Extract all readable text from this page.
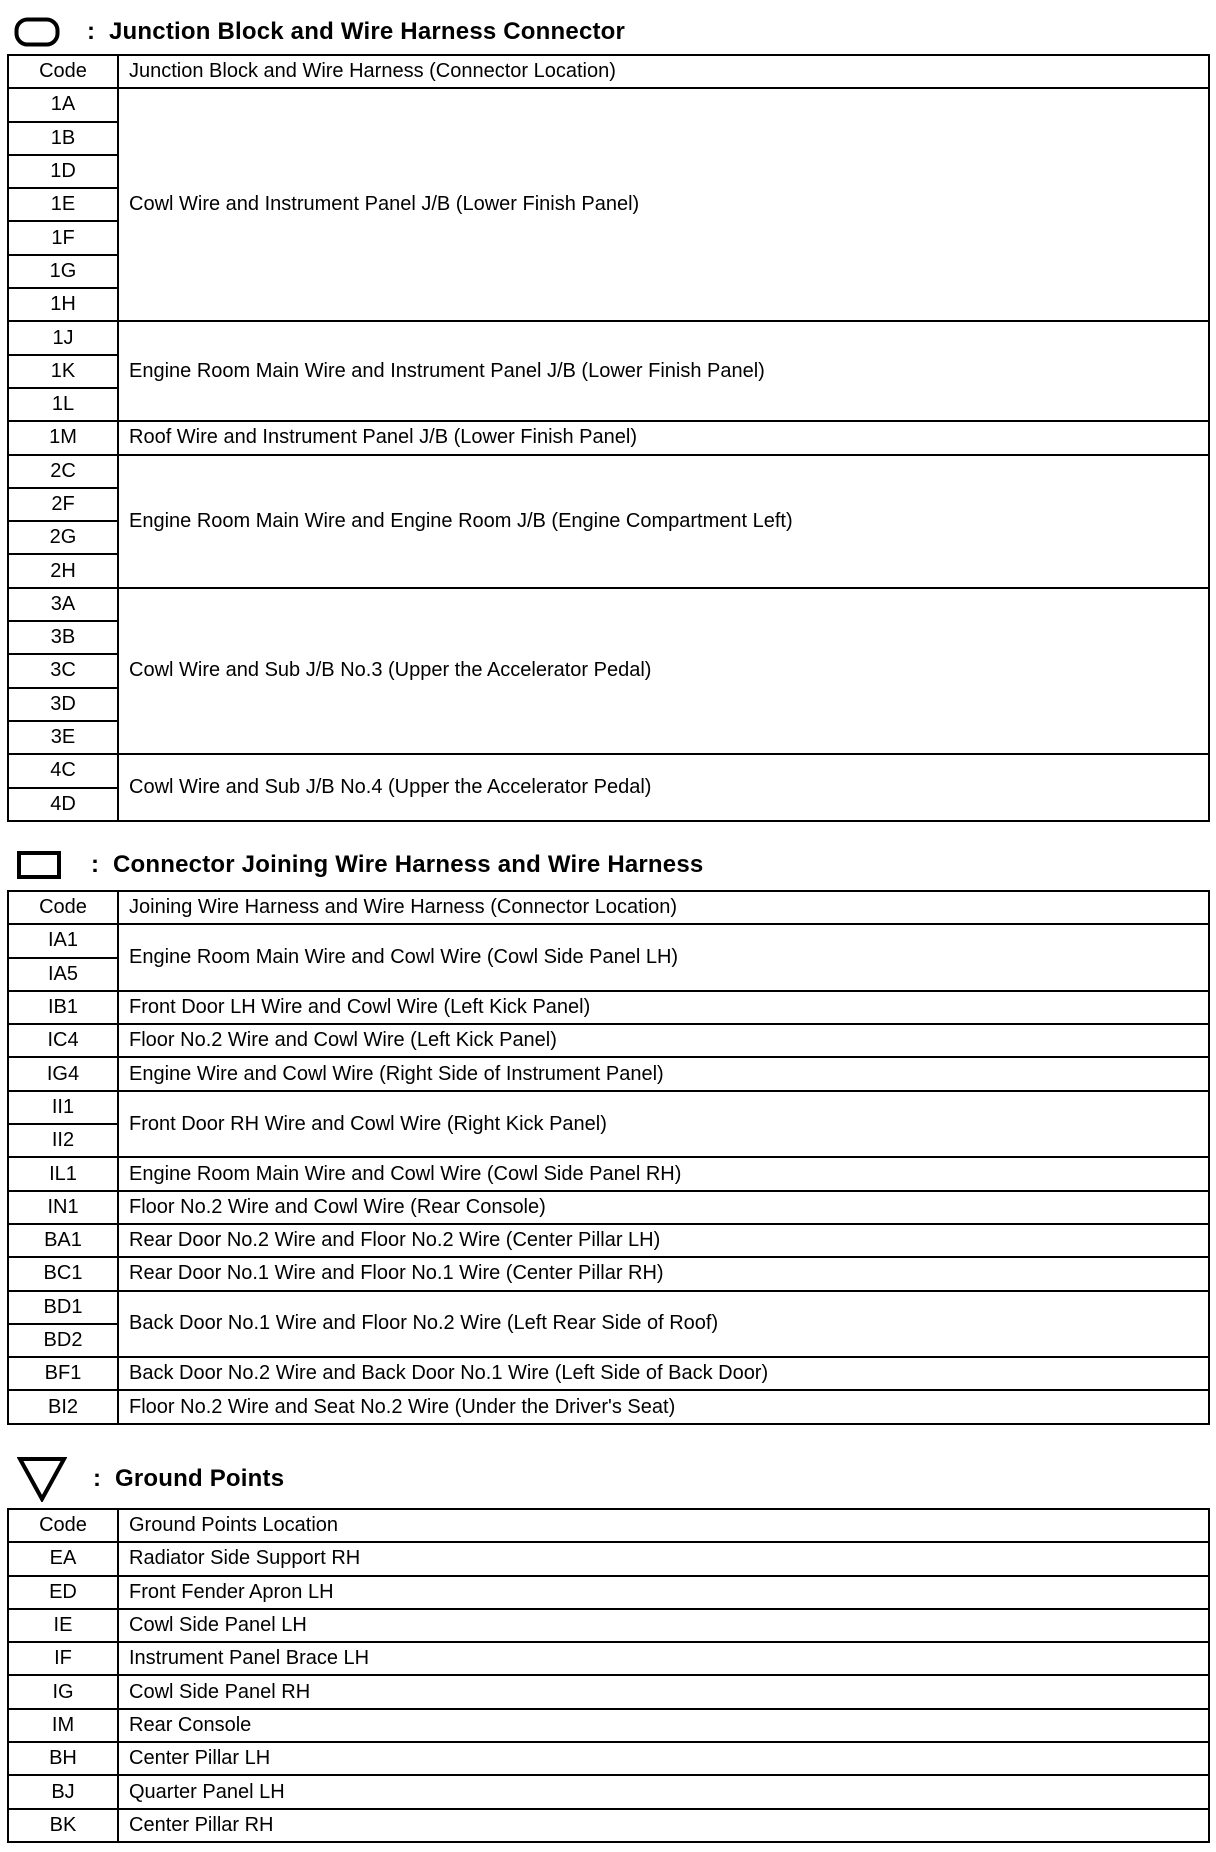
: Junction Block and Wire Harness Connector
Code	Junction Block and Wire Harness (Connector Location)
1A	Cowl Wire and Instrument Panel J/B (Lower Finish Panel)
1B	
1D	
1E	
1F	
1G	
1H	
1J	Engine Room Main Wire and Instrument Panel J/B (Lower Finish Panel)
1K	
1L	
1M	Roof Wire and Instrument Panel J/B (Lower Finish Panel)
2C	Engine Room Main Wire and Engine Room J/B (Engine Compartment Left)
2F	
2G	
2H	
3A	Cowl Wire and Sub J/B No.3 (Upper the Accelerator Pedal)
3B	
3C	
3D	
3E	
4C	Cowl Wire and Sub J/B No.4 (Upper the Accelerator Pedal)
4D	
: Connector Joining Wire Harness and Wire Harness
Code	Joining Wire Harness and Wire Harness (Connector Location)
IA1	Engine Room Main Wire and Cowl Wire (Cowl Side Panel LH)
IA5	
IB1	Front Door LH Wire and Cowl Wire (Left Kick Panel)
IC4	Floor No.2 Wire and Cowl Wire (Left Kick Panel)
IG4	Engine Wire and Cowl Wire (Right Side of Instrument Panel)
II1	Front Door RH Wire and Cowl Wire (Right Kick Panel)
II2	
IL1	Engine Room Main Wire and Cowl Wire (Cowl Side Panel RH)
IN1	Floor No.2 Wire and Cowl Wire (Rear Console)
BA1	Rear Door No.2 Wire and Floor No.2 Wire (Center Pillar LH)
BC1	Rear Door No.1 Wire and Floor No.1 Wire (Center Pillar RH)
BD1	Back Door No.1 Wire and Floor No.2 Wire (Left Rear Side of Roof)
BD2	
BF1	Back Door No.2 Wire and Back Door No.1 Wire (Left Side of Back Door)
BI2	Floor No.2 Wire and Seat No.2 Wire (Under the Driver's Seat)
: Ground Points
Code	Ground Points Location
EA	Radiator Side Support RH
ED	Front Fender Apron LH
IE	Cowl Side Panel LH
IF	Instrument Panel Brace LH
IG	Cowl Side Panel RH
IM	Rear Console
BH	Center Pillar LH
BJ	Quarter Panel LH
BK	Center Pillar RH
